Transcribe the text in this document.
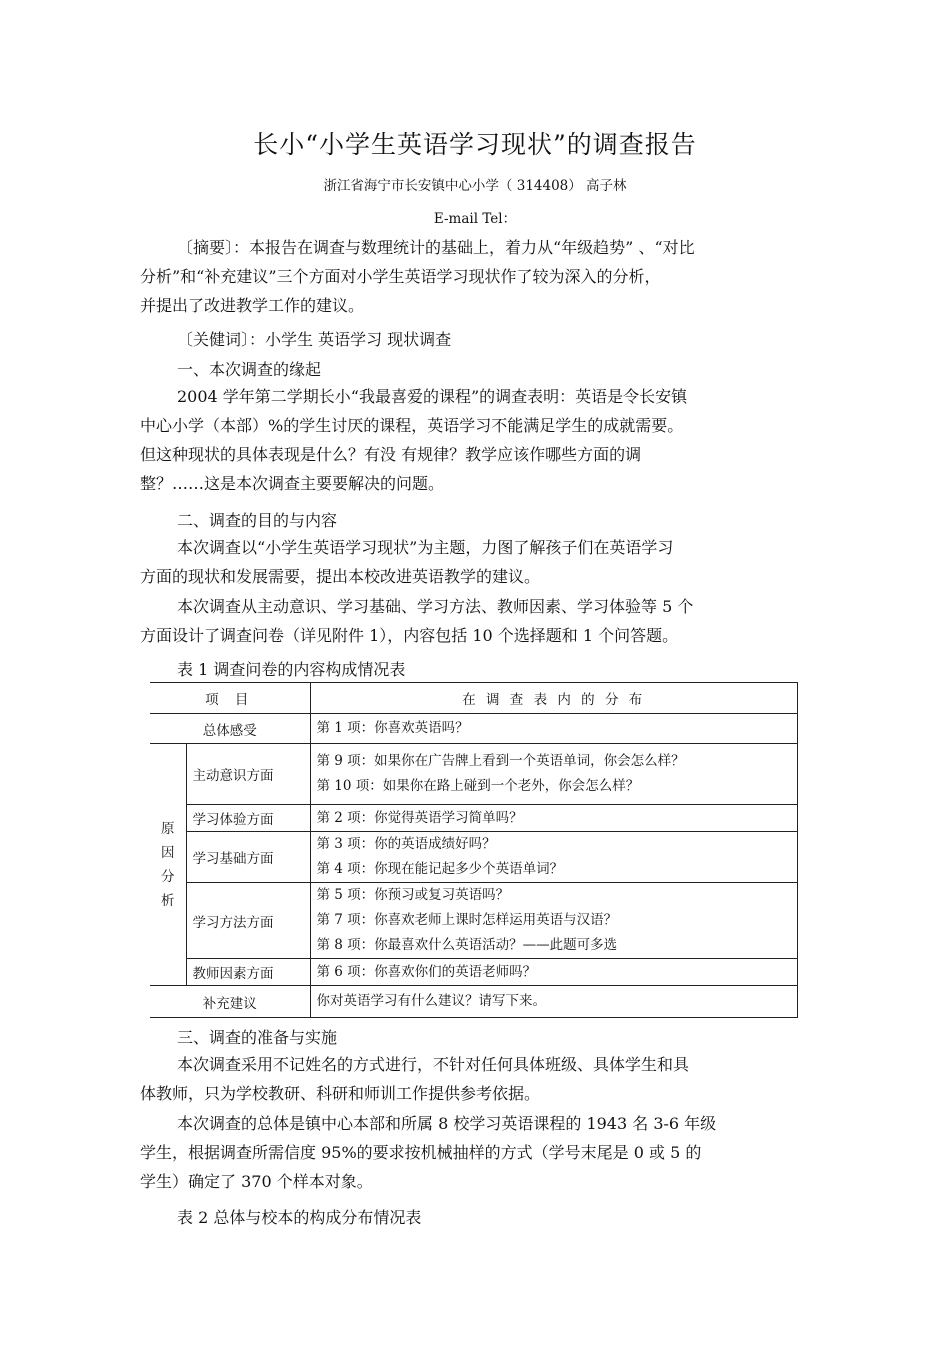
长小“小学生英语学习现状”的调查报告
浙江省海宁市长安镇中心小学（ 314408） 高子林
E-mail Tel：
〔摘要〕：本报告在调查与数理统计的基础上，着力从“年级趋势” 、“对比
分析”和“补充建议”三个方面对小学生英语学习现状作了较为深入的分析，
并提出了改进教学工作的建议。
〔关健词〕：小学生 英语学习 现状调查
一、本次调查的缘起
2004 学年第二学期长小“我最喜爱的课程”的调查表明：英语是令长安镇
中心小学（本部）%的学生讨厌的课程，英语学习不能满足学生的成就需要。
但这种现状的具体表现是什么？有没 有规律？教学应该作哪些方面的调
整？……这是本次调查主要要解决的问题。
二、调查的目的与内容
本次调查以“小学生英语学习现状”为主题，力图了解孩子们在英语学习
方面的现状和发展需要，提出本校改进英语教学的建议。
本次调查从主动意识、学习基础、学习方法、教师因素、学习体验等 5 个
方面设计了调查问卷（详见附件 1），内容包括 10 个选择题和 1 个问答题。
表 1 调查问卷的内容构成情况表
项 目		在 调 查 表 内 的 分 布
总体感受		第 1 项：你喜欢英语吗？

原
因
分
析	主动意识方面	第 9 项：如果你在广告牌上看到一个英语单词，你会怎么样？
第 10 项：如果你在路上碰到一个老外，你会怎么样？

	学习体验方面	第 2 项：你觉得英语学习简单吗？

	学习基础方面	第 3 项：你的英语成绩好吗？
第 4 项：你现在能记起多少个英语单词？

	学习方法方面	第 5 项：你预习或复习英语吗？
第 7 项：你喜欢老师上课时怎样运用英语与汉语？
第 8 项：你最喜欢什么英语活动？——此题可多选

	教师因素方面	第 6 项：你喜欢你们的英语老师吗？

补充建议		你对英语学习有什么建议？请写下来。
三、调查的准备与实施
本次调查采用不记姓名的方式进行，不针对任何具体班级、具体学生和具
体教师，只为学校教研、科研和师训工作提供参考依据。
本次调查的总体是镇中心本部和所属 8 校学习英语课程的 1943 名 3-6 年级
学生，根据调查所需信度 95%的要求按机械抽样的方式（学号末尾是 0 或 5 的
学生）确定了 370 个样本对象。
表 2 总体与校本的构成分布情况表
